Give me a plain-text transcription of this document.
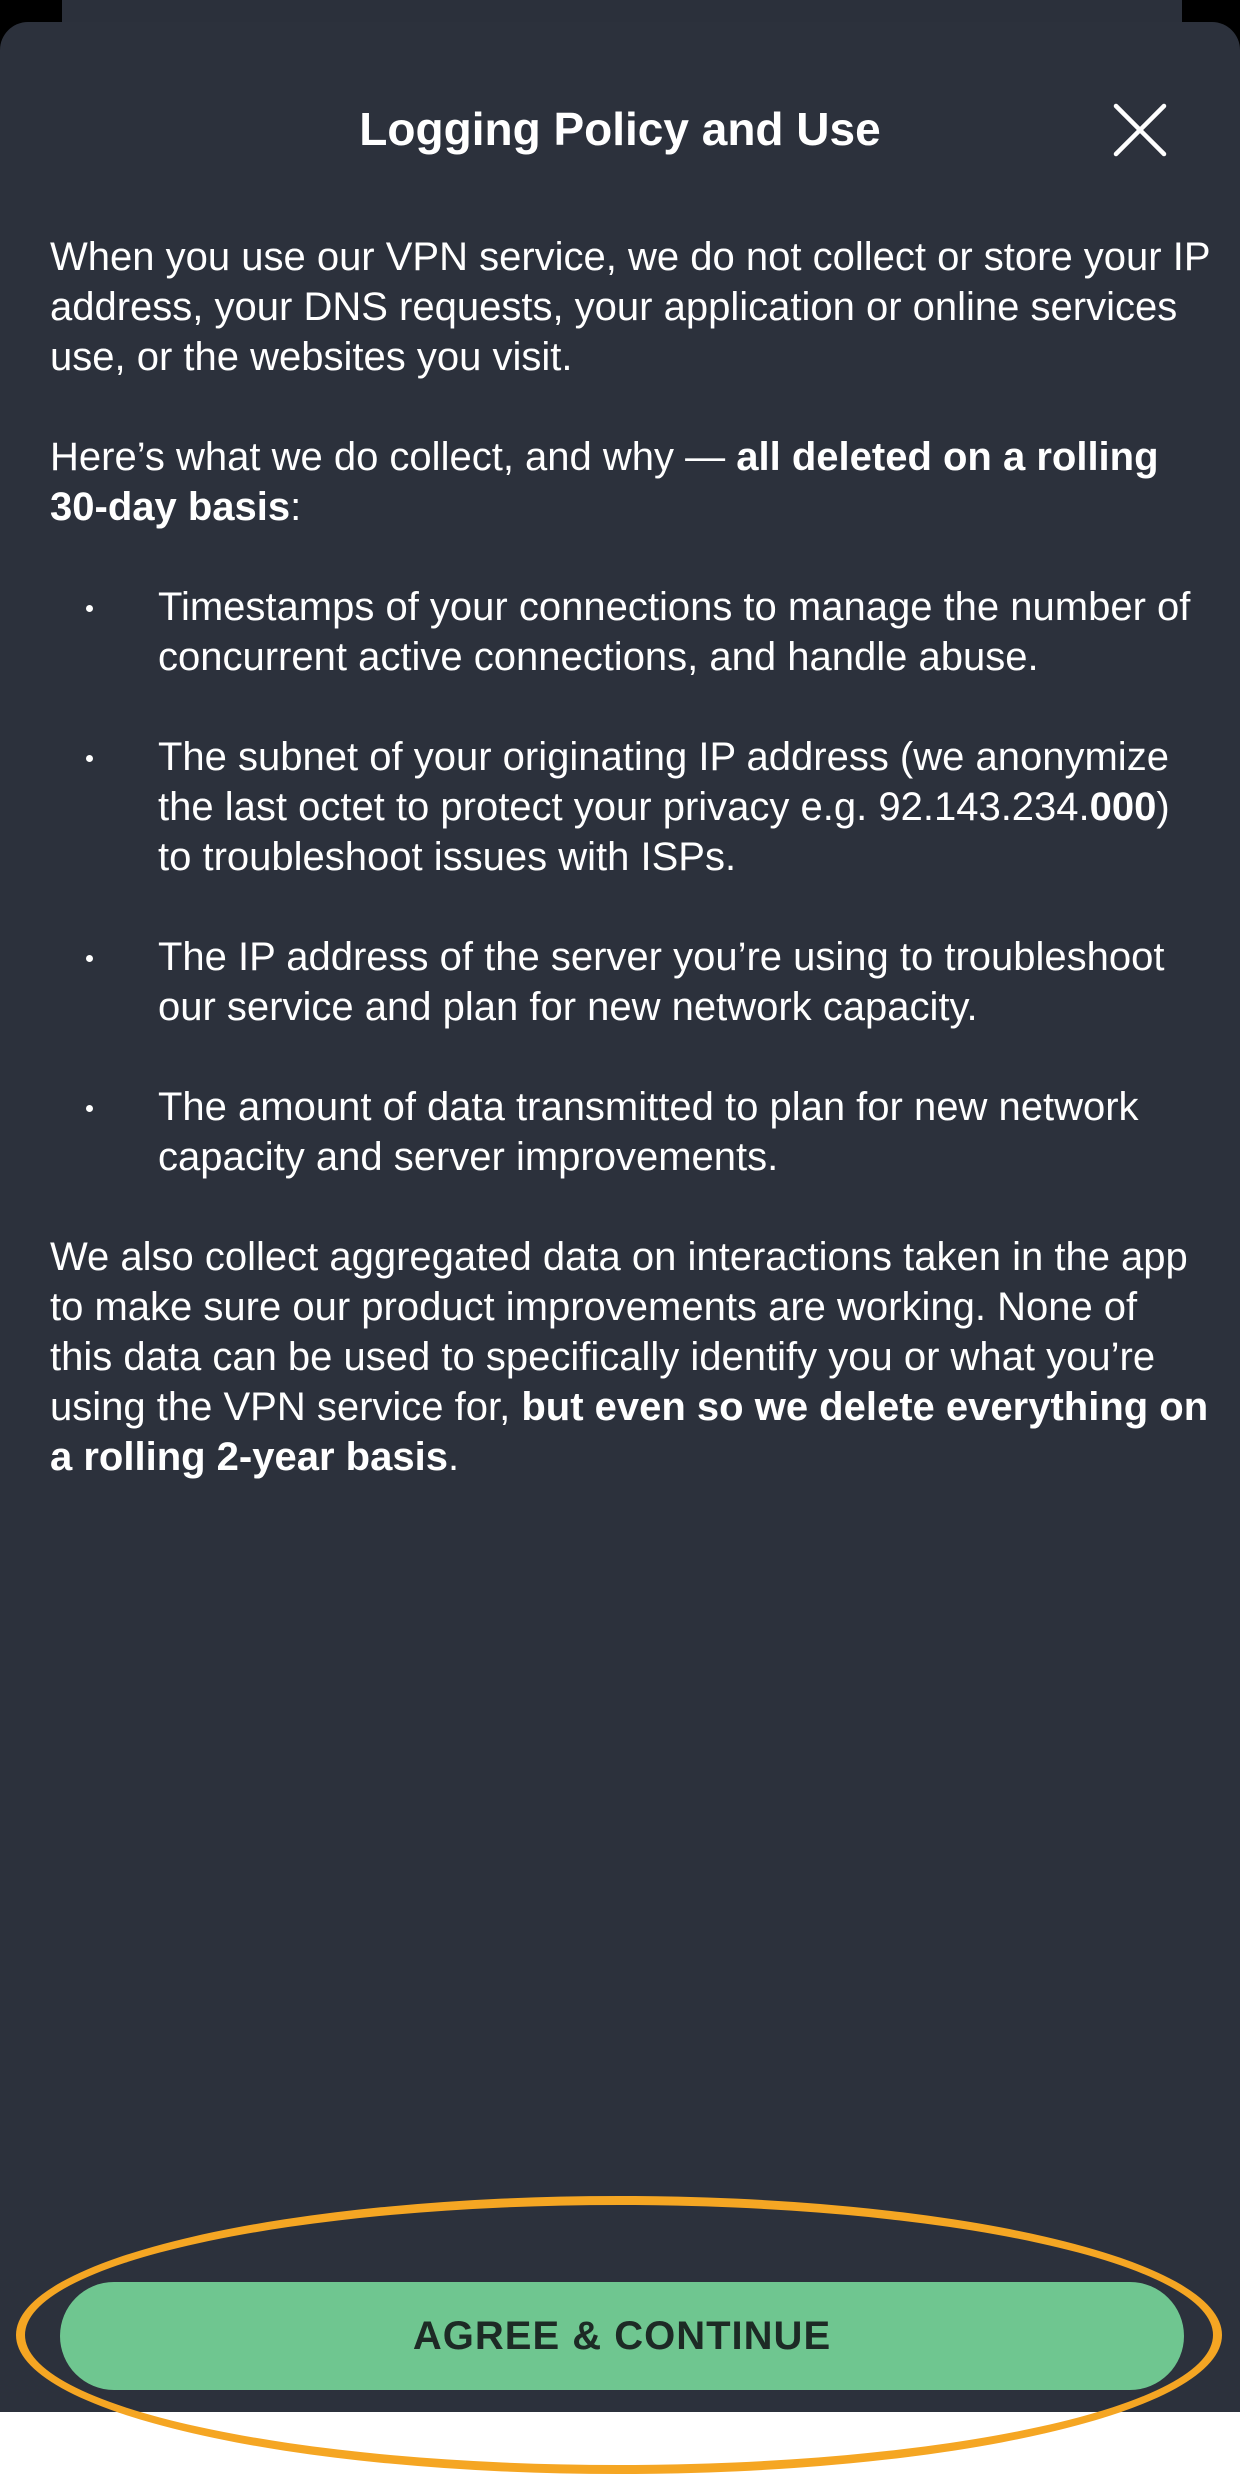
Logging Policy and Use

When you use our VPN service, we do not collect or store your IP address, your DNS requests, your application or online services use, or the websites you visit.

Here’s what we do collect, and why — all deleted on a rolling 30-day basis:

Timestamps of your connections to manage the number of concurrent active connections, and handle abuse.
The subnet of your originating IP address (we anonymize the last octet to protect your privacy e.g. 92.143.234.000) to troubleshoot issues with ISPs.
The IP address of the server you’re using to troubleshoot our service and plan for new network capacity.
The amount of data transmitted to plan for new network capacity and server improvements.

We also collect aggregated data on interactions taken in the app to make sure our product improvements are working. None of this data can be used to specifically identify you or what you’re using the VPN service for, but even so we delete everything on a rolling 2-year basis.

AGREE & CONTINUE
